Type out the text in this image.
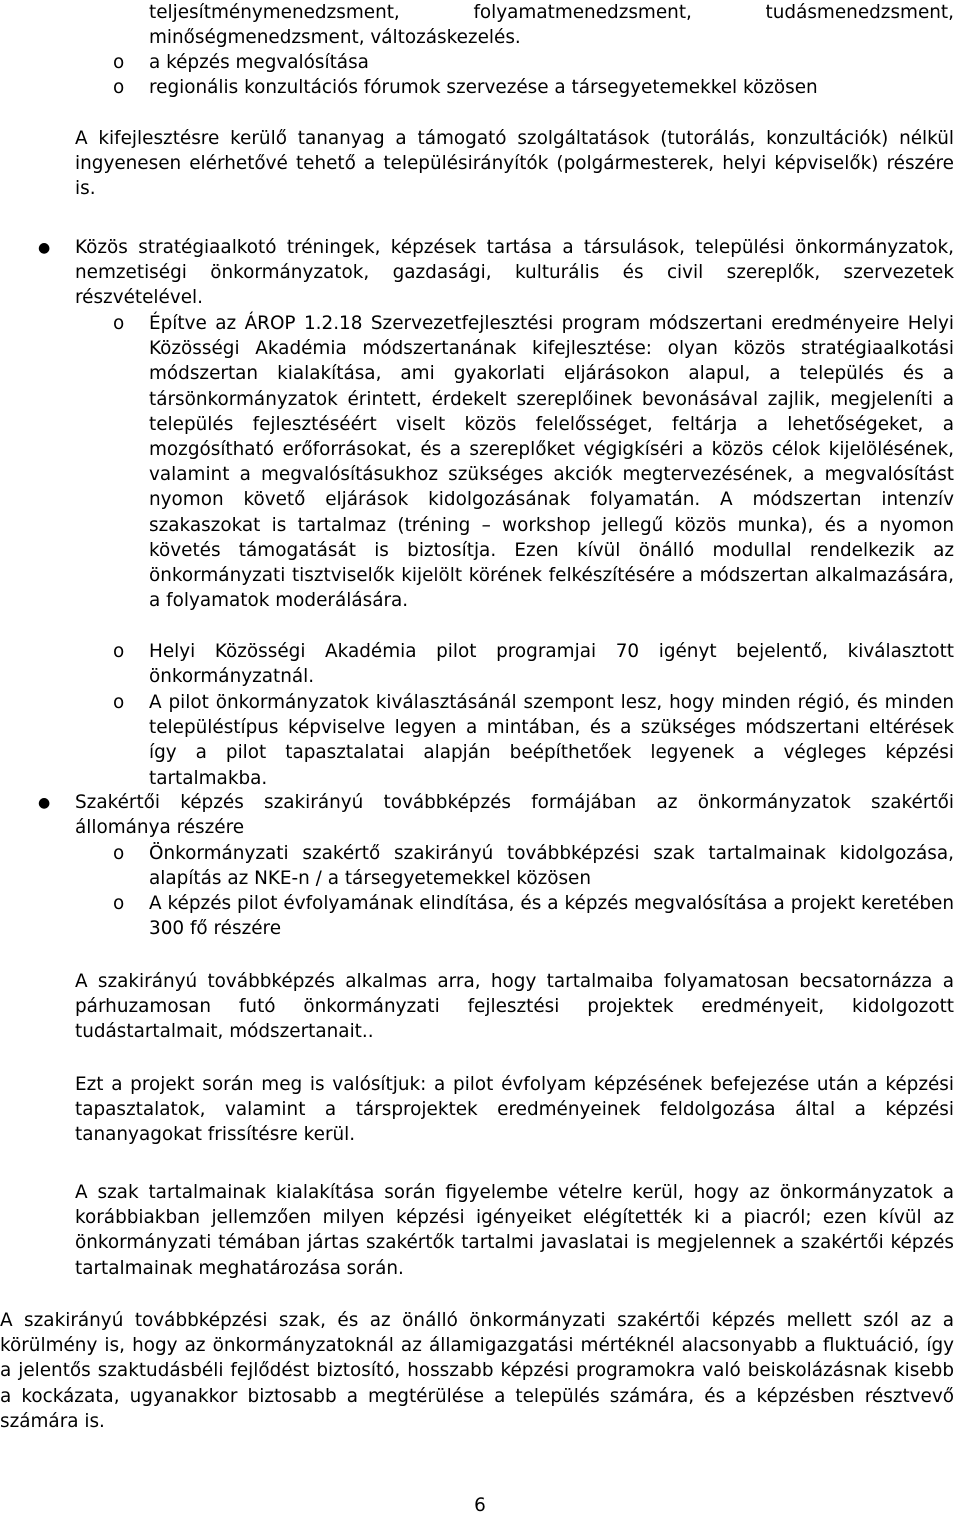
teljesítménymenedzsment, folyamatmenedzsment, tudásmenedzsment,

minőségmenedzsment, változáskezelés.

o a képzés megvalósítása

o regionális konzultációs fórumok szervezése a társegyetemekkel közösen

A kifejlesztésre kerülő tananyag a támogató szolgáltatások (tutorálás, konzultációk) nélkül ingyenesen elérhetővé tehető a településirányítók (polgármesterek, helyi képviselők) részére is.

● Közös stratégiaalkotó tréningek, képzések tartása a társulások, települési önkormányzatok, nemzetiségi önkormányzatok, gazdasági, kulturális és civil szereplők, szervezetek részvételével.

o Építve az ÁROP 1.2.18 Szervezetfejlesztési program módszertani eredményeire Helyi Közösségi Akadémia módszertanának kifejlesztése: olyan közös stratégiaalkotási módszertan kialakítása, ami gyakorlati eljárásokon alapul, a település és a társönkormányzatok érintett, érdekelt szereplőinek bevonásával zajlik, megjeleníti a település fejlesztéséért viselt közös felelősséget, feltárja a lehetőségeket, a mozgósítható erőforrásokat, és a szereplőket végigkíséri a közös célok kijelölésének, valamint a megvalósításukhoz szükséges akciók megtervezésének, a megvalósítást nyomon követő eljárások kidolgozásának folyamatán. A módszertan intenzív szakaszokat is tartalmaz (tréning – workshop jellegű közös munka), és a nyomon követés támogatását is biztosítja. Ezen kívül önálló modullal rendelkezik az önkormányzati tisztviselők kijelölt körének felkészítésére a módszertan alkalmazására, a folyamatok moderálására.

o Helyi Közösségi Akadémia pilot programjai 70 igényt bejelentő, kiválasztott önkormányzatnál.

o A pilot önkormányzatok kiválasztásánál szempont lesz, hogy minden régió, és minden településtípus képviselve legyen a mintában, és a szükséges módszertani eltérések így a pilot tapasztalatai alapján beépíthetőek legyenek a végleges képzési tartalmakba.

● Szakértői képzés szakirányú továbbképzés formájában az önkormányzatok szakértői állománya részére

o Önkormányzati szakértő szakirányú továbbképzési szak tartalmainak kidolgozása, alapítás az NKE-n / a társegyetemekkel közösen

o A képzés pilot évfolyamának elindítása, és a képzés megvalósítása a projekt keretében 300 fő részére

A szakirányú továbbképzés alkalmas arra, hogy tartalmaiba folyamatosan becsatornázza a párhuzamosan futó önkormányzati fejlesztési projektek eredményeit, kidolgozott tudástartalmait, módszertanait..

Ezt a projekt során meg is valósítjuk: a pilot évfolyam képzésének befejezése után a képzési tapasztalatok, valamint a társprojektek eredményeinek feldolgozása által a képzési tananyagokat frissítésre kerül.

A szak tartalmainak kialakítása során figyelembe vételre kerül, hogy az önkormányzatok a korábbiakban jellemzően milyen képzési igényeiket elégítették ki a piacról; ezen kívül az önkormányzati témában jártas szakértők tartalmi javaslatai is megjelennek a szakértői képzés tartalmainak meghatározása során.

A szakirányú továbbképzési szak, és az önálló önkormányzati szakértői képzés mellett szól az a körülmény is, hogy az önkormányzatoknál az államigazgatási mértéknél alacsonyabb a fluktuáció, így a jelentős szaktudásbéli fejlődést biztosító, hosszabb képzési programokra való beiskolázásnak kisebb a kockázata, ugyanakkor biztosabb a megtérülése a település számára, és a képzésben résztvevő számára is.

6
